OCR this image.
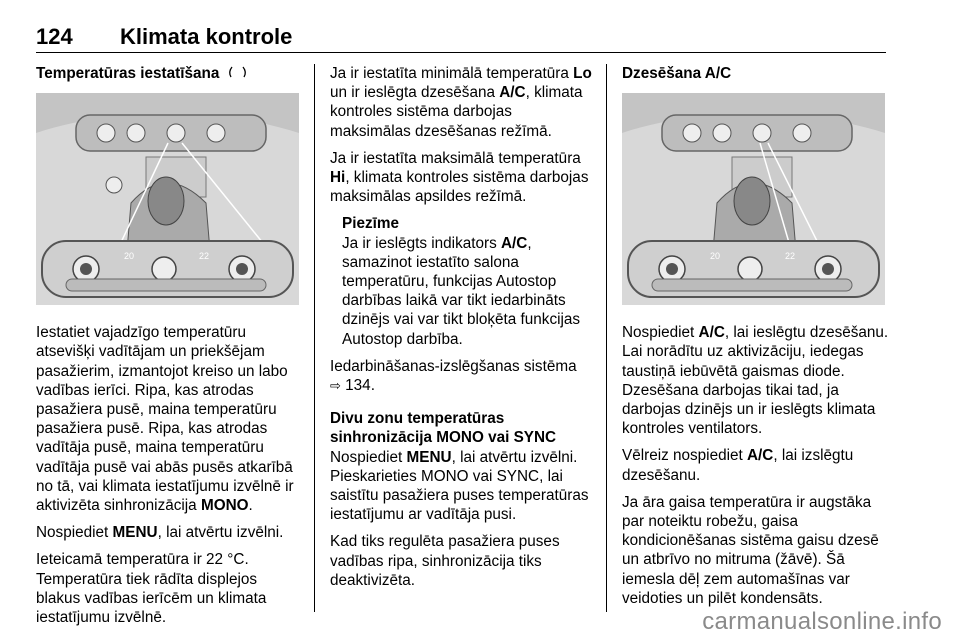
124 Klimata kontrole
Temperatūras iestatīšana
20	22

Iestatiet vajadzīgo temperatūru atsevišķi vadītājam un priekšējam pasažierim, izmantojot kreiso un labo vadības ierīci. Ripa, kas atrodas pasažiera pusē, maina temperatūru pasažiera pusē. Ripa, kas atrodas vadītāja pusē, maina temperatūru vadītāja pusē vai abās pusēs atkarībā no tā, vai klimata iestatījumu izvēlnē ir aktivizēta sinhronizācija MONO.

Nospiediet MENU, lai atvērtu izvēlni.

Ieteicamā temperatūra ir 22 °C. Temperatūra tiek rādīta displejos blakus vadības ierīcēm un klimata iestatījumu izvēlnē.

Ja ir iestatīta minimālā temperatūra Lo un ir ieslēgta dzesēšana A/C, klimata kontroles sistēma darbojas maksimālas dzesēšanas režīmā.

Ja ir iestatīta maksimālā temperatūra Hi, klimata kontroles sistēma darbojas maksimālas apsildes režīmā.

Piezīme
Ja ir ieslēgts indikators A/C, samazinot iestatīto salona temperatūru, funkcijas Autostop darbības laikā var tikt iedarbināts dzinējs vai var tikt bloķēta funkcijas Autostop darbība.

Iedarbināšanas-izslēgšanas sistēma
⇨ 134.

Divu zonu temperatūras sinhronizācija MONO vai SYNC

Nospiediet MENU, lai atvērtu izvēlni. Pieskarieties MONO vai SYNC, lai saistītu pasažiera puses temperatūras iestatījumu ar vadītāja pusi.

Kad tiks regulēta pasažiera puses vadības ripa, sinhronizācija tiks deaktivizēta.

Dzesēšana A/C
20	22

Nospiediet A/C, lai ieslēgtu dzesēšanu. Lai norādītu uz aktivizāciju, iedegas taustiņā iebūvētā gaismas diode. Dzesēšana darbojas tikai tad, ja darbojas dzinējs un ir ieslēgts klimata kontroles ventilators.

Vēlreiz nospiediet A/C, lai izslēgtu dzesēšanu.

Ja āra gaisa temperatūra ir augstāka par noteiktu robežu, gaisa kondicionēšanas sistēma gaisu dzesē un atbrīvo no mitruma (žāvē). Šā iemesla dēļ zem automašīnas var veidoties un pilēt kondensāts.

carmanualsonline.info
